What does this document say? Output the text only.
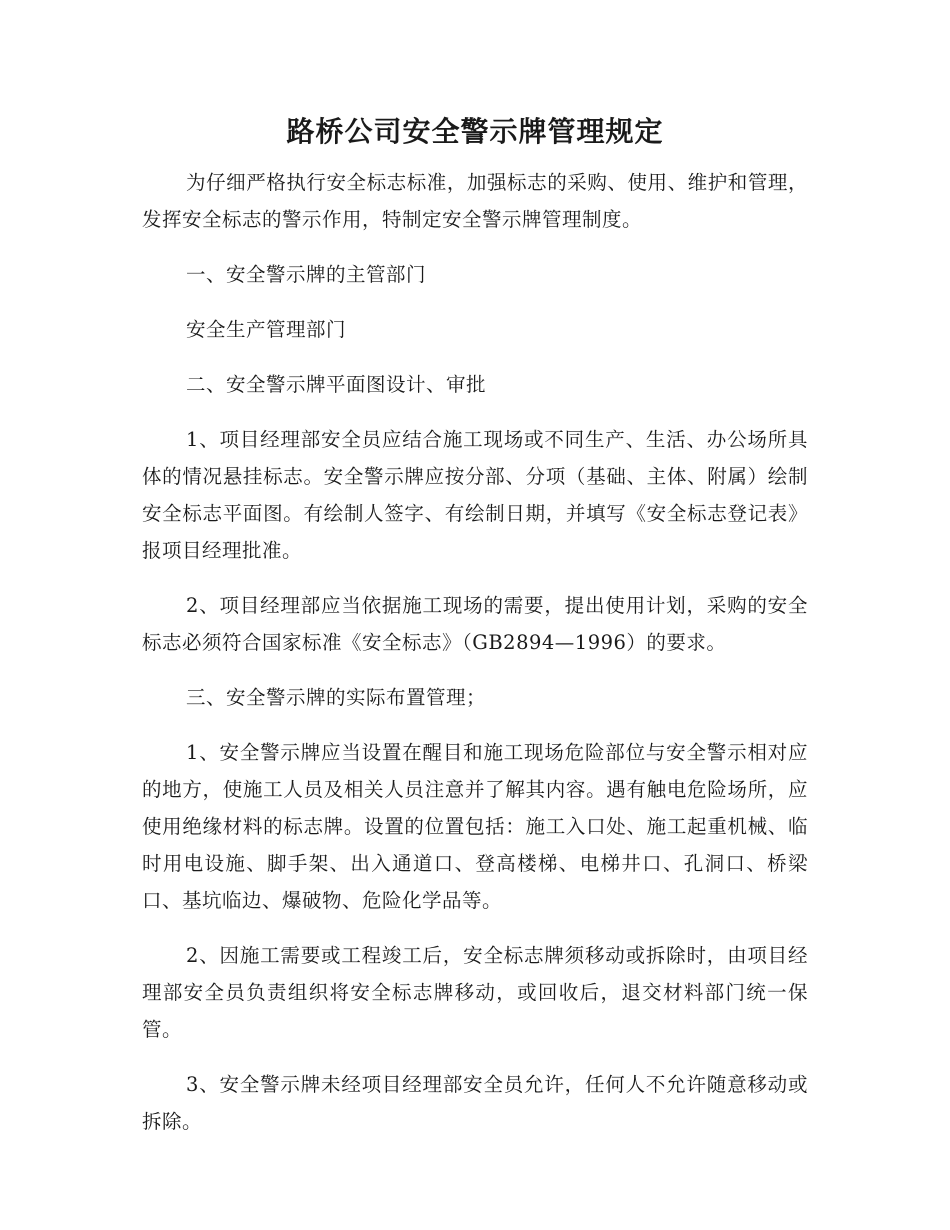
路桥公司安全警示牌管理规定

为仔细严格执行安全标志标准，加强标志的采购、使用、维护和管理，发挥安全标志的警示作用，特制定安全警示牌管理制度。

一、安全警示牌的主管部门

安全生产管理部门

二、安全警示牌平面图设计、审批

1、项目经理部安全员应结合施工现场或不同生产、生活、办公场所具体的情况悬挂标志。安全警示牌应按分部、分项（基础、主体、附属）绘制安全标志平面图。有绘制人签字、有绘制日期，并填写《安全标志登记表》报项目经理批准。

2、项目经理部应当依据施工现场的需要，提出使用计划，采购的安全标志必须符合国家标准《安全标志》（GB2894—1996）的要求。

三、安全警示牌的实际布置管理；

1、安全警示牌应当设置在醒目和施工现场危险部位与安全警示相对应的地方，使施工人员及相关人员注意并了解其内容。遇有触电危险场所，应使用绝缘材料的标志牌。设置的位置包括：施工入口处、施工起重机械、临时用电设施、脚手架、出入通道口、登高楼梯、电梯井口、孔洞口、桥梁口、基坑临边、爆破物、危险化学品等。

2、因施工需要或工程竣工后，安全标志牌须移动或拆除时，由项目经理部安全员负责组织将安全标志牌移动，或回收后，退交材料部门统一保管。

3、安全警示牌未经项目经理部安全员允许，任何人不允许随意移动或拆除。
